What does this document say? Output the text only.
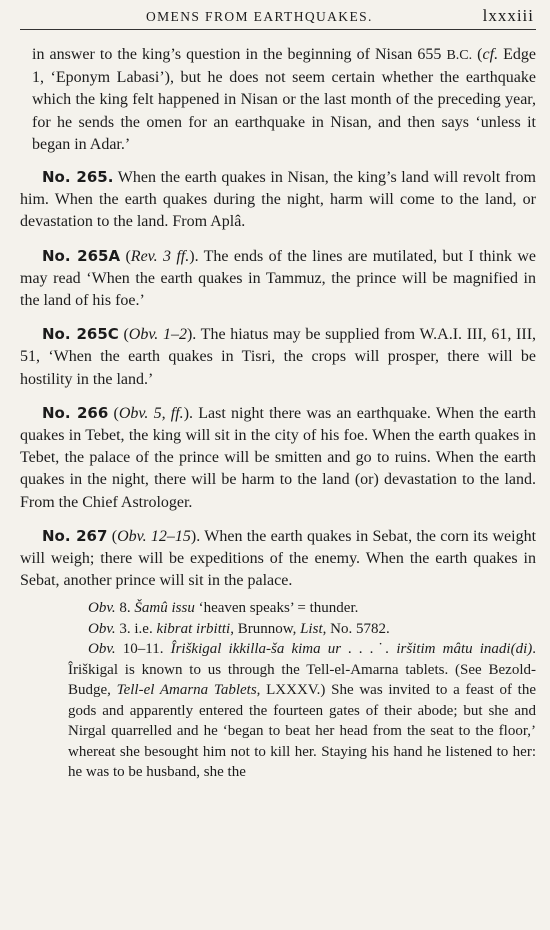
OMENS FROM EARTHQUAKES.	lxxxiii

in answer to the king’s question in the beginning of Nisan 655 B.C. (cf. Edge 1, ‘Eponym Labasi’), but he does not seem certain whether the earthquake which the king felt happened in Nisan or the last month of the preceding year, for he sends the omen for an earthquake in Nisan, and then says ‘unless it began in Adar.’

No. 265. When the earth quakes in Nisan, the king’s land will revolt from him. When the earth quakes during the night, harm will come to the land, or devastation to the land. From Aplâ.

No. 265A (Rev. 3 ff.). The ends of the lines are mutilated, but I think we may read ‘When the earth quakes in Tammuz, the prince will be magnified in the land of his foe.’

No. 265C (Obv. 1–2). The hiatus may be supplied from W.A.I. III, 61, III, 51, ‘When the earth quakes in Tisri, the crops will prosper, there will be hostility in the land.’

No. 266 (Obv. 5, ff.). Last night there was an earthquake. When the earth quakes in Tebet, the king will sit in the city of his foe. When the earth quakes in Tebet, the palace of the prince will be smitten and go to ruins. When the earth quakes in the night, there will be harm to the land (or) devastation to the land. From the Chief Astrologer.

No. 267 (Obv. 12–15). When the earth quakes in Sebat, the corn its weight will weigh; there will be expeditions of the enemy. When the earth quakes in Sebat, another prince will sit in the palace.

Obv. 8. Šamû issu ‘heaven speaks’ = thunder.

Obv. 3. i.e. kibrat irbitti, Brunnow, List, No. 5782.

Obv. 10–11. Îriškigal ikkilla-ša kima ur . . .˙. iršitim mâtu inadi(di). Îriškigal is known to us through the Tell-el-Amarna tablets. (See Bezold-Budge, Tell-el Amarna Tablets, LXXXV.) She was invited to a feast of the gods and apparently entered the fourteen gates of their abode; but she and Nirgal quarrelled and he ‘began to beat her head from the seat to the floor,’ whereat she besought him not to kill her. Staying his hand he listened to her: he was to be husband, she the
